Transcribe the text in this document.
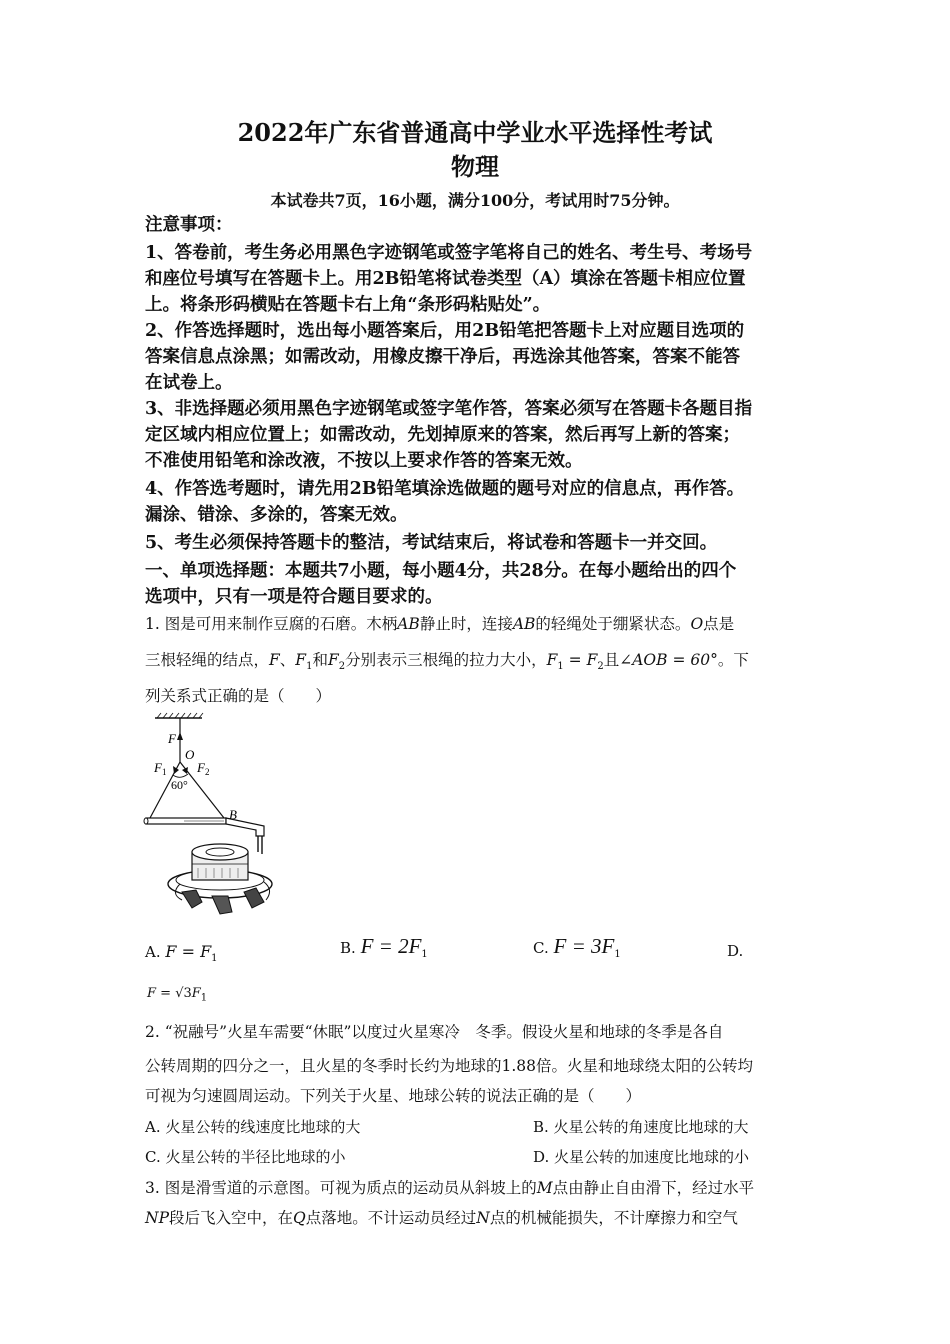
2022年广东省普通高中学业水平选择性考试
物理
本试卷共7页，16小题，满分100分，考试用时75分钟。
注意事项：
1、答卷前，考生务必用黑色字迹钢笔或签字笔将自己的姓名、考生号、考场号
和座位号填写在答题卡上。用2B铅笔将试卷类型（A）填涂在答题卡相应位置
上。将条形码横贴在答题卡右上角“条形码粘贴处”。
2、作答选择题时，选出每小题答案后，用2B铅笔把答题卡上对应题目选项的
答案信息点涂黑；如需改动，用橡皮擦干净后，再选涂其他答案，答案不能答
在试卷上。
3、非选择题必须用黑色字迹钢笔或签字笔作答，答案必须写在答题卡各题目指
定区域内相应位置上；如需改动，先划掉原来的答案，然后再写上新的答案；
不准使用铅笔和涂改液，不按以上要求作答的答案无效。
4、作答选考题时，请先用2B铅笔填涂选做题的题号对应的信息点，再作答。
漏涂、错涂、多涂的，答案无效。
5、考生必须保持答题卡的整洁，考试结束后，将试卷和答题卡一并交回。
一、单项选择题：本题共7小题，每小题4分，共28分。在每小题给出的四个
选项中，只有一项是符合题目要求的。
1. 图是可用来制作豆腐的石磨。木柄AB静止时，连接AB的轻绳处于绷紧状态。O点是
三根轻绳的结点，F、$F_1$和$F_2$分别表示三根绳的拉力大小，$F_1 = F_2$且∠AOB = 60°。下
列关系式正确的是（　　）
F
O
$F_1$ $F_2$
60°
B
A. $F = F_1$
B. $F = 2F_1$	C. $F = 3F_1$	D.
$F = √3F_1$
2. “祝融号”火星车需要“休眠”以度过火星寒冷　冬季。假设火星和地球的冬季是各自
公转周期的四分之一，且火星的冬季时长约为地球的1.88倍。火星和地球绕太阳的公转均
可视为匀速圆周运动。下列关于火星、地球公转的说法正确的是（　　）
A. 火星公转的线速度比地球的大	B. 火星公转的角速度比地球的大
C. 火星公转的半径比地球的小	D. 火星公转的加速度比地球的小
3. 图是滑雪道的示意图。可视为质点的运动员从斜坡上的M点由静止自由滑下，经过水平
NP段后飞入空中，在Q点落地。不计运动员经过N点的机械能损失，不计摩擦力和空气
